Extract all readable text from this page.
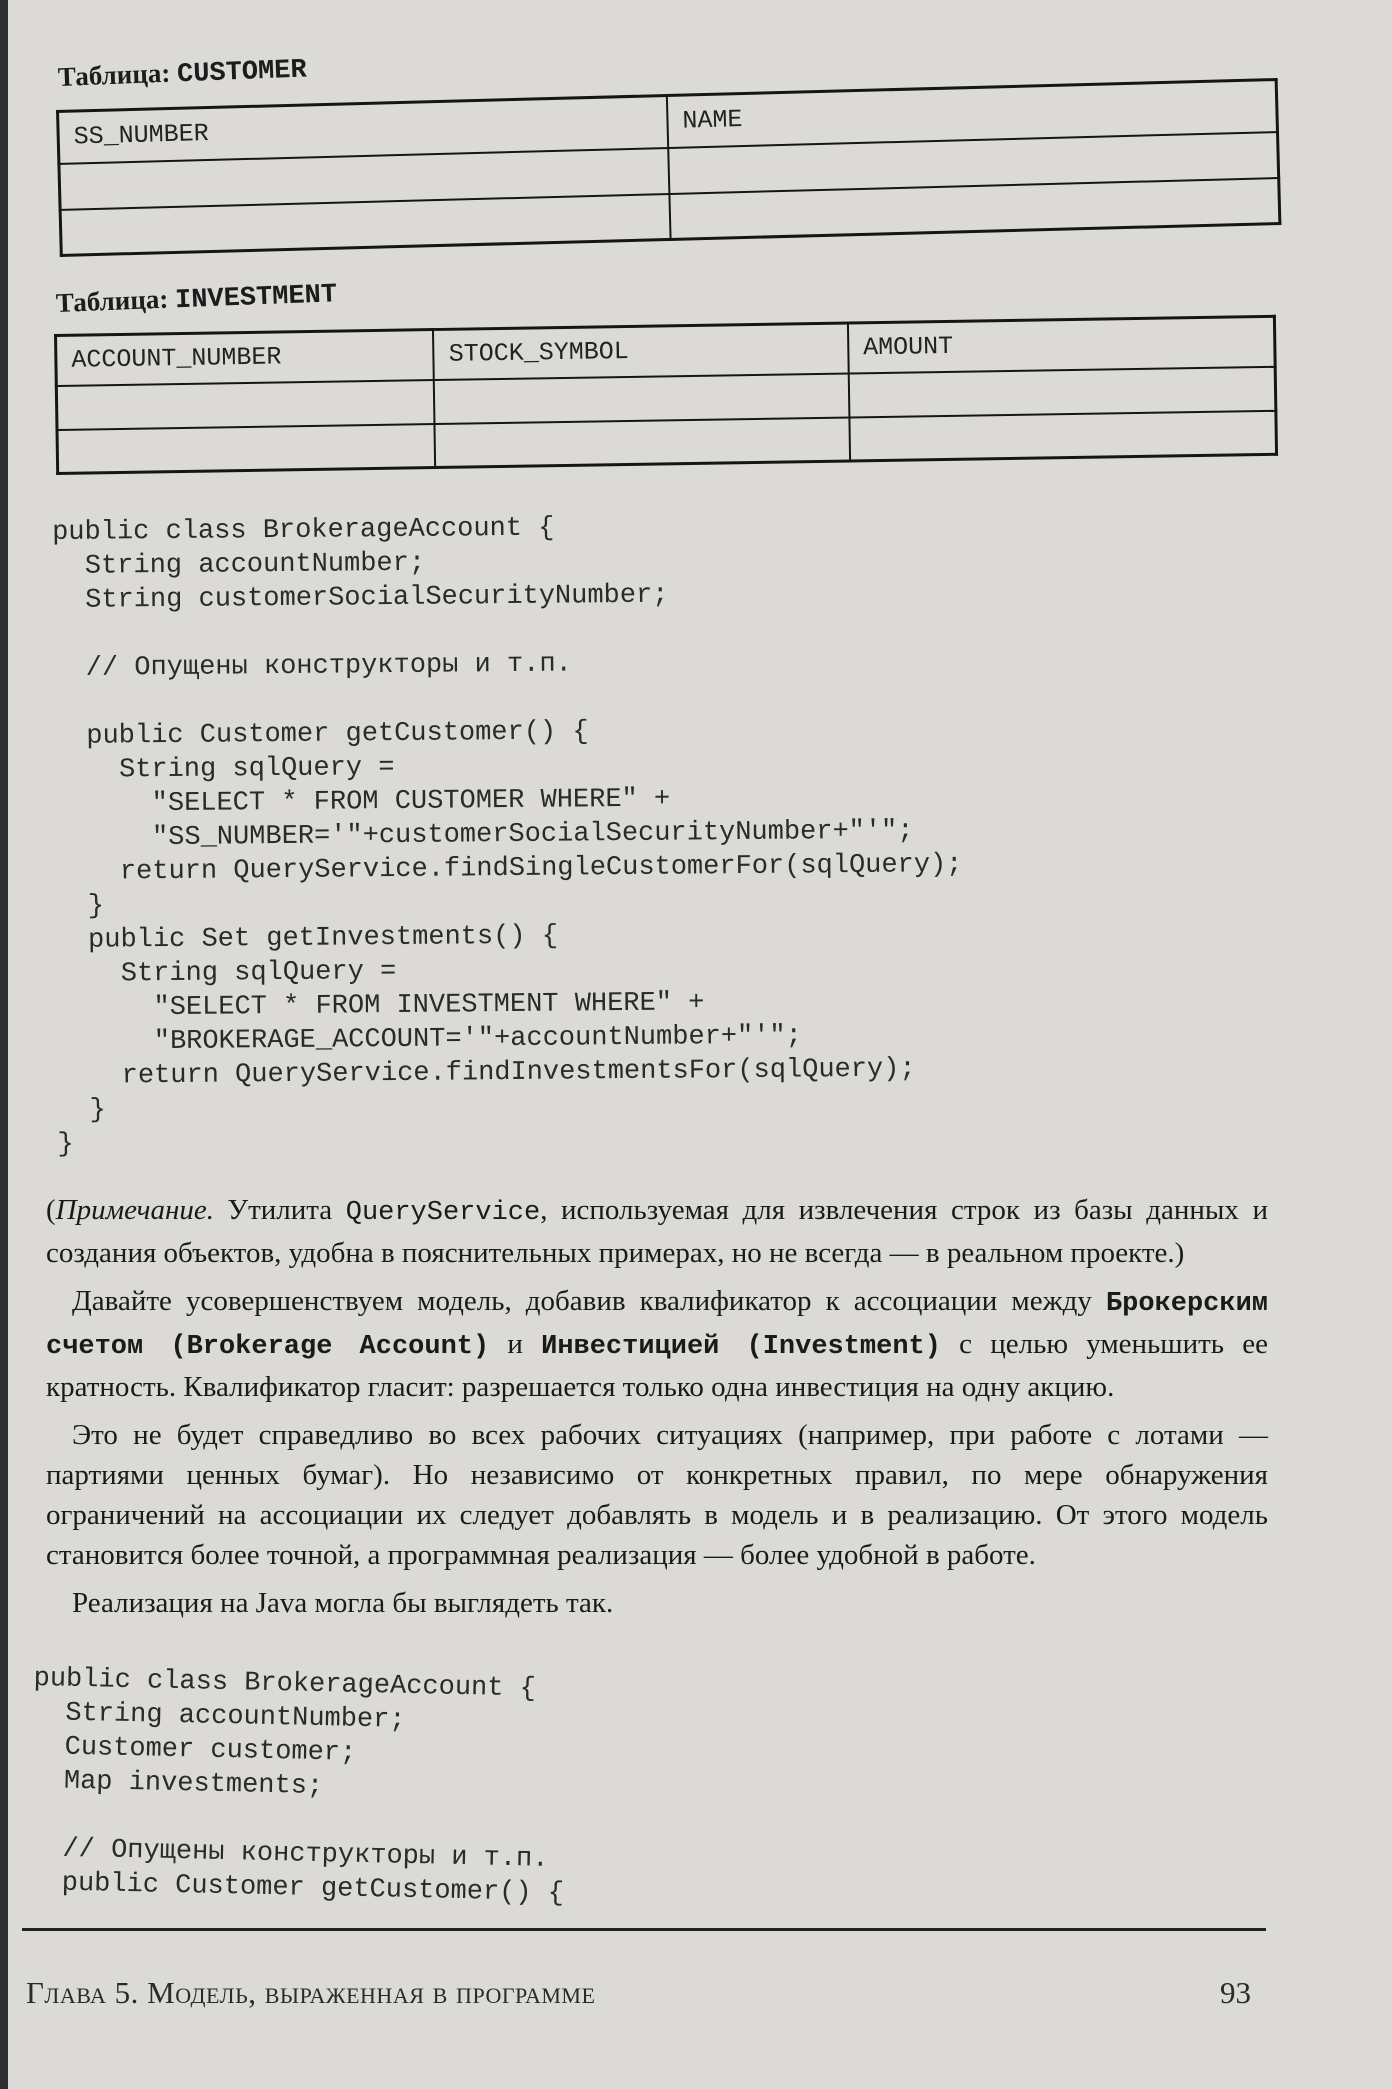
Таблица: CUSTOMER
SS_NUMBER	NAME

Таблица: INVESTMENT
ACCOUNT_NUMBER	STOCK_SYMBOL	AMOUNT

public class BrokerageAccount {
String accountNumber;
String customerSocialSecurityNumber;

// Опущены конструкторы и т.п.

public Customer getCustomer() {
String sqlQuery =
"SELECT * FROM CUSTOMER WHERE" +
"SS_NUMBER='"+customerSocialSecurityNumber+"'";
return QueryService.findSingleCustomerFor(sqlQuery);
}
public Set getInvestments() {
String sqlQuery =
"SELECT * FROM INVESTMENT WHERE" +
"BROKERAGE_ACCOUNT='"+accountNumber+"'";
return QueryService.findInvestmentsFor(sqlQuery);
}
}

(Примечание. Утилита QueryService, используемая для извлечения строк из базы данных и создания объектов, удобна в пояснительных примерах, но не всегда — в реальном проекте.)

Давайте усовершенствуем модель, добавив квалификатор к ассоциации между Брокерским счетом (Brokerage Account) и Инвестицией (Investment) с целью уменьшить ее кратность. Квалификатор гласит: разрешается только одна инвестиция на одну акцию.

Это не будет справедливо во всех рабочих ситуациях (например, при работе с лотами — партиями ценных бумаг). Но независимо от конкретных правил, по мере обнаружения ограничений на ассоциации их следует добавлять в модель и в реализацию. От этого модель становится более точной, а программная реализация — более удобной в работе.

Реализация на Java могла бы выглядеть так.

public class BrokerageAccount {
String accountNumber;
Customer customer;
Map investments;

// Опущены конструкторы и т.п.
public Customer getCustomer() {
Глава 5. Модель, выраженная в программе	93
